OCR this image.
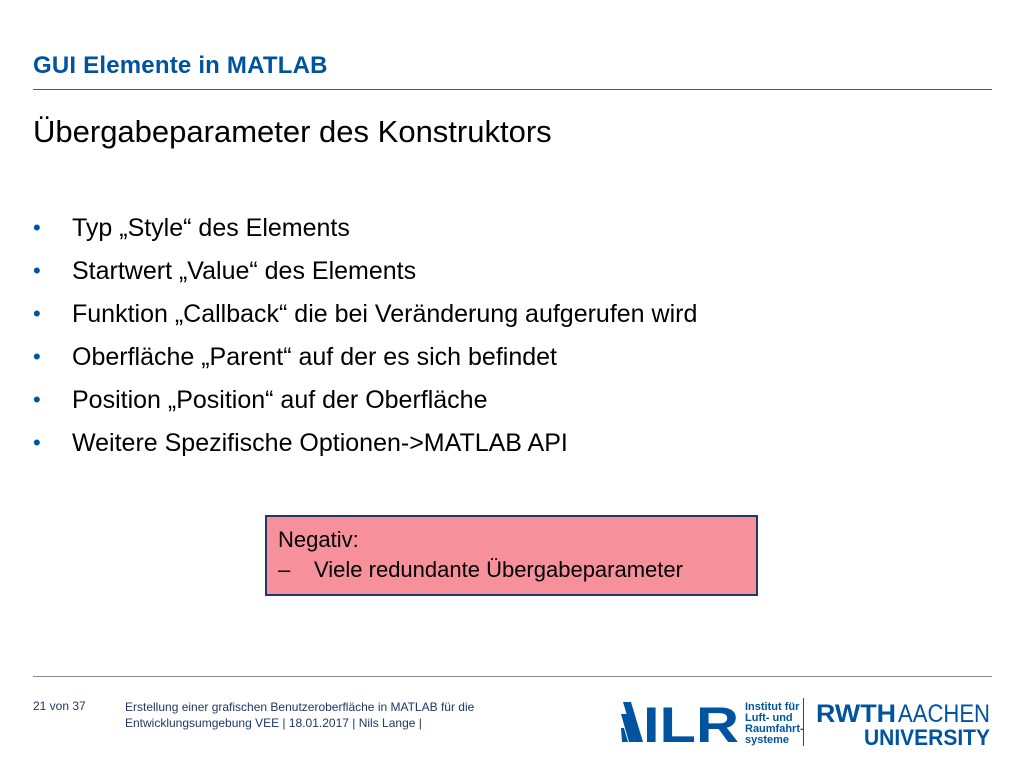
GUI Elemente in MATLAB
Übergabeparameter des Konstruktors
• Typ „Style“ des Elements
• Startwert „Value“ des Elements
• Funktion „Callback“ die bei Veränderung aufgerufen wird
• Oberfläche „Parent“ auf der es sich befindet
• Position „Position“ auf der Oberfläche
• Weitere Spezifische Optionen->MATLAB API
Negativ:
– Viele redundante Übergabeparameter
21 von 37	Erstellung einer grafischen Benutzeroberfläche in MATLAB für die
Entwicklungsumgebung VEE | 18.01.2017 | Nils Lange |	ILR Institut für
Luft- und
Raumfahrt-
systeme
RWTH AACHEN
UNIVERSITY
